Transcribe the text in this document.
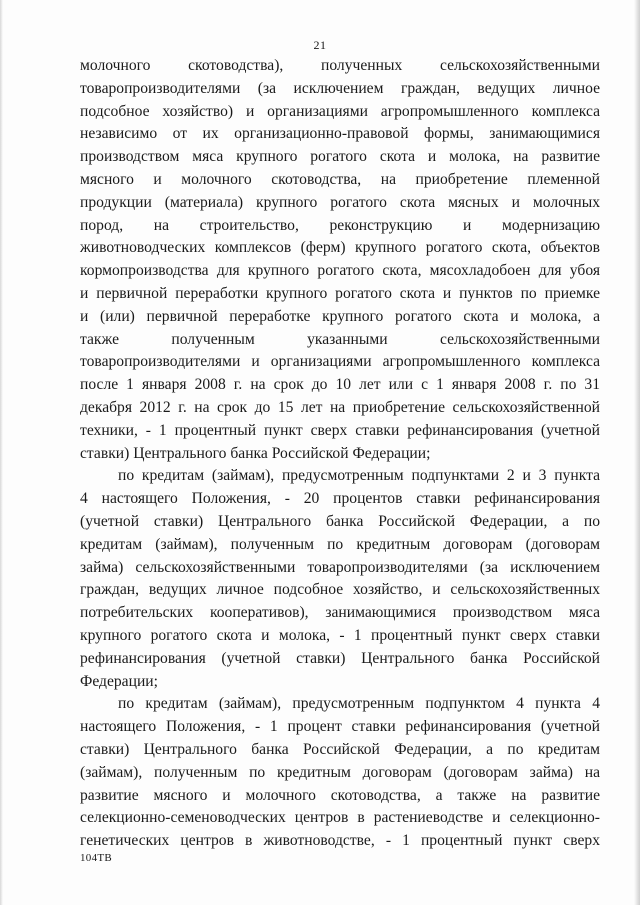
21
молочного скотоводства), полученных сельскохозяйственными
товаропроизводителями (за исключением граждан, ведущих личное
подсобное хозяйство) и организациями агропромышленного комплекса
независимо от их организационно-правовой формы, занимающимися
производством мяса крупного рогатого скота и молока, на развитие
мясного и молочного скотоводства, на приобретение племенной
продукции (материала) крупного рогатого скота мясных и молочных
пород, на строительство, реконструкцию и модернизацию
животноводческих комплексов (ферм) крупного рогатого скота, объектов
кормопроизводства для крупного рогатого скота, мясохладобоен для убоя
и первичной переработки крупного рогатого скота и пунктов по приемке
и (или) первичной переработке крупного рогатого скота и молока, а
также полученным указанными сельскохозяйственными
товаропроизводителями и организациями агропромышленного комплекса
после 1 января 2008 г. на срок до 10 лет или с 1 января 2008 г. по 31
декабря 2012 г. на срок до 15 лет на приобретение сельскохозяйственной
техники, - 1 процентный пункт сверх ставки рефинансирования (учетной
ставки) Центрального банка Российской Федерации;
по кредитам (займам), предусмотренным подпунктами 2 и 3 пункта
4 настоящего Положения, - 20 процентов ставки рефинансирования
(учетной ставки) Центрального банка Российской Федерации, а по
кредитам (займам), полученным по кредитным договорам (договорам
займа) сельскохозяйственными товаропроизводителями (за исключением
граждан, ведущих личное подсобное хозяйство, и сельскохозяйственных
потребительских кооперативов), занимающимися производством мяса
крупного рогатого скота и молока, - 1 процентный пункт сверх ставки
рефинансирования (учетной ставки) Центрального банка Российской
Федерации;
по кредитам (займам), предусмотренным подпунктом 4 пункта 4
настоящего Положения, - 1 процент ставки рефинансирования (учетной
ставки) Центрального банка Российской Федерации, а по кредитам
(займам), полученным по кредитным договорам (договорам займа) на
развитие мясного и молочного скотоводства, а также на развитие
селекционно-семеноводческих центров в растениеводстве и селекционно-
генетических центров в животноводстве, - 1 процентный пункт сверх
104ТВ
